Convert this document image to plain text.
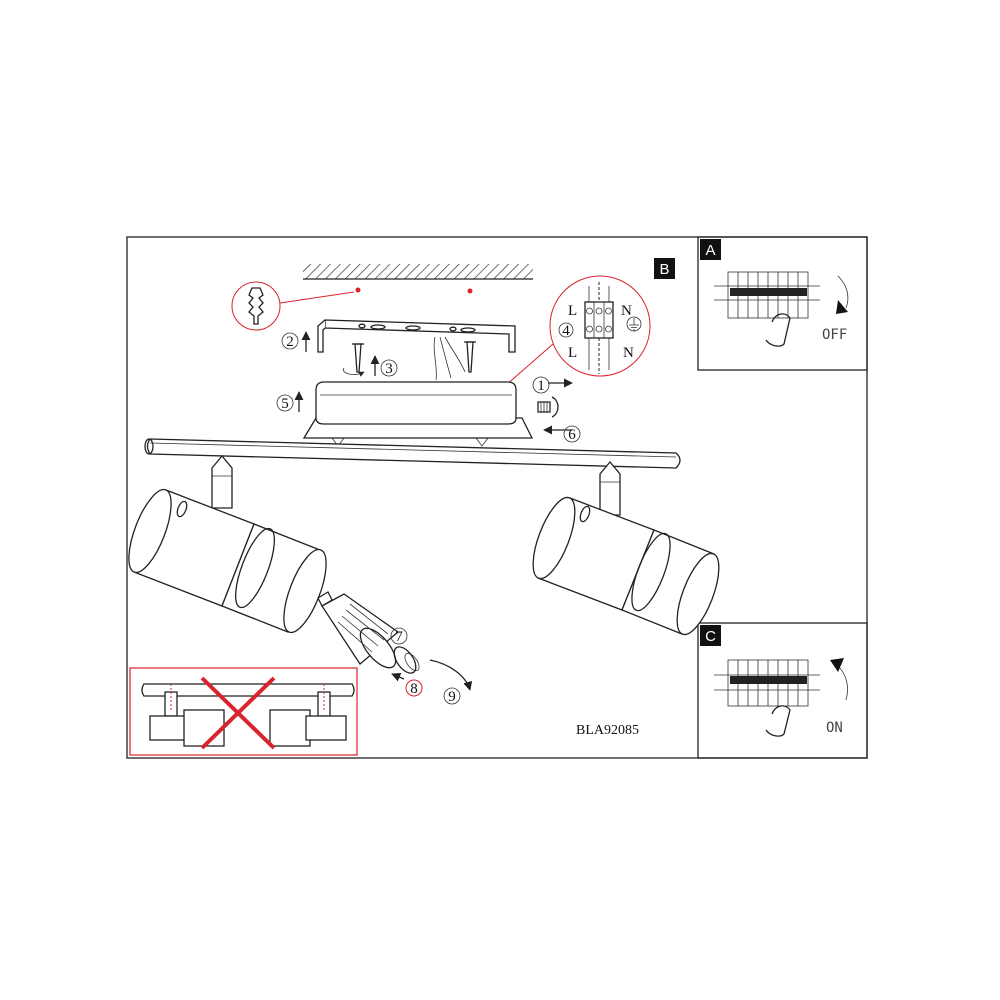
B
A
C
L	N
L	N
4
1
2
3
5
6
7
8 9
BLA92085
OFF
ON
